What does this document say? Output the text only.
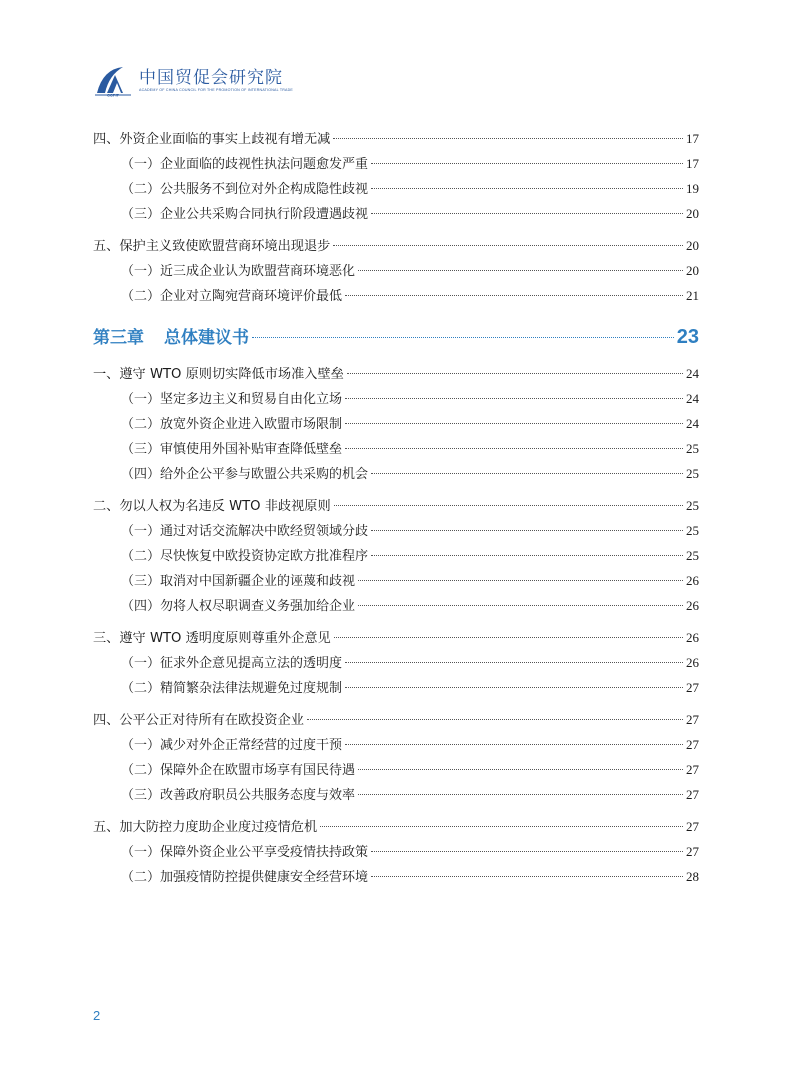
CCPIT
中国贸促会研究院
ACADEMY OF CHINA COUNCIL FOR THE PROMOTION OF INTERNATIONAL TRADE
四、外资企业面临的事实上歧视有增无减	17
（一）企业面临的歧视性执法问题愈发严重	17
（二）公共服务不到位对外企构成隐性歧视	19
（三）企业公共采购合同执行阶段遭遇歧视	20
五、保护主义致使欧盟营商环境出现退步	20
（一）近三成企业认为欧盟营商环境恶化	20
（二）企业对立陶宛营商环境评价最低	21
第三章 总体建议书	23
一、遵守 WTO 原则切实降低市场准入壁垒	24
（一）坚定多边主义和贸易自由化立场	24
（二）放宽外资企业进入欧盟市场限制	24
（三）审慎使用外国补贴审查降低壁垒	25
（四）给外企公平参与欧盟公共采购的机会	25
二、勿以人权为名违反 WTO 非歧视原则	25
（一）通过对话交流解决中欧经贸领域分歧	25
（二）尽快恢复中欧投资协定欧方批准程序	25
（三）取消对中国新疆企业的诬蔑和歧视	26
（四）勿将人权尽职调查义务强加给企业	26
三、遵守 WTO 透明度原则尊重外企意见	26
（一）征求外企意见提高立法的透明度	26
（二）精简繁杂法律法规避免过度规制	27
四、公平公正对待所有在欧投资企业	27
（一）减少对外企正常经营的过度干预	27
（二）保障外企在欧盟市场享有国民待遇	27
（三）改善政府职员公共服务态度与效率	27
五、加大防控力度助企业度过疫情危机	27
（一）保障外资企业公平享受疫情扶持政策	27
（二）加强疫情防控提供健康安全经营环境	28
2
